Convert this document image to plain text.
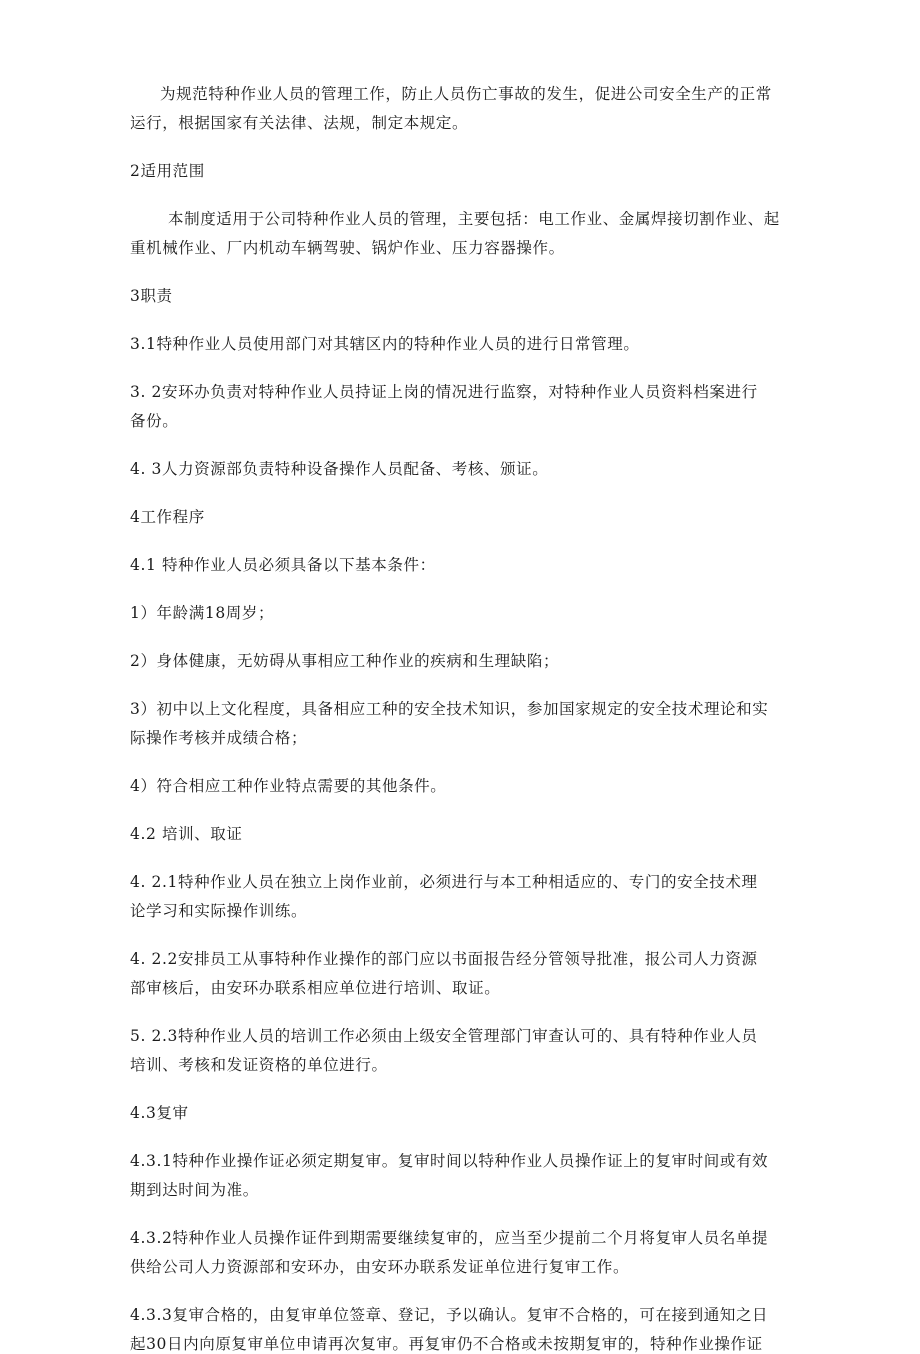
为规范特种作业人员的管理工作，防止人员伤亡事故的发生，促进公司安全生产的正常
运行，根据国家有关法律、法规，制定本规定。
2适用范围
本制度适用于公司特种作业人员的管理，主要包括：电工作业、金属焊接切割作业、起
重机械作业、厂内机动车辆驾驶、锅炉作业、压力容器操作。
3职责
3.1特种作业人员使用部门对其辖区内的特种作业人员的进行日常管理。
3. 2安环办负责对特种作业人员持证上岗的情况进行监察，对特种作业人员资料档案进行
备份。
4. 3人力资源部负责特种设备操作人员配备、考核、颁证。
4工作程序
4.1 特种作业人员必须具备以下基本条件：
1）年龄满18周岁；
2）身体健康，无妨碍从事相应工种作业的疾病和生理缺陷；
3）初中以上文化程度，具备相应工种的安全技术知识，参加国家规定的安全技术理论和实
际操作考核并成绩合格；
4）符合相应工种作业特点需要的其他条件。
4.2 培训、取证
4. 2.1特种作业人员在独立上岗作业前，必须进行与本工种相适应的、专门的安全技术理
论学习和实际操作训练。
4. 2.2安排员工从事特种作业操作的部门应以书面报告经分管领导批准，报公司人力资源
部审核后，由安环办联系相应单位进行培训、取证。
5. 2.3特种作业人员的培训工作必须由上级安全管理部门审查认可的、具有特种作业人员
培训、考核和发证资格的单位进行。
4.3复审
4.3.1特种作业操作证必须定期复审。复审时间以特种作业人员操作证上的复审时间或有效
期到达时间为准。
4.3.2特种作业人员操作证件到期需要继续复审的，应当至少提前二个月将复审人员名单提
供给公司人力资源部和安环办，由安环办联系发证单位进行复审工作。
4.3.3复审合格的，由复审单位签章、登记，予以确认。复审不合格的，可在接到通知之日
起30日内向原复审单位申请再次复审。再复审仍不合格或未按期复审的，特种作业操作证
